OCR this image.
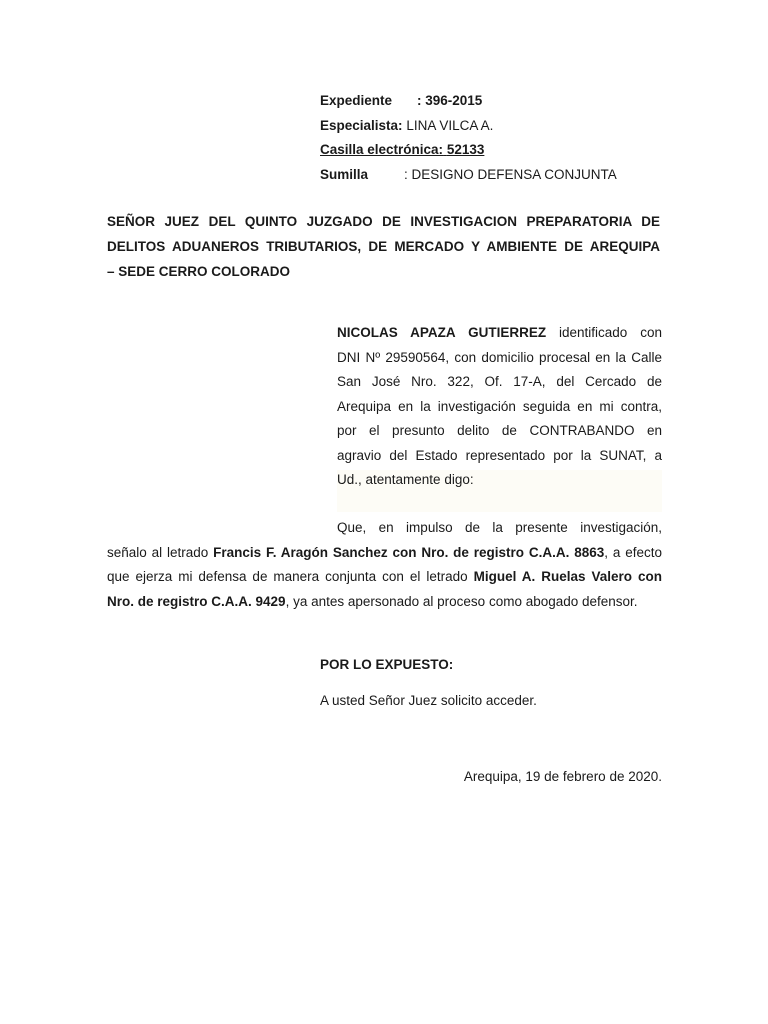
Expediente : 396-2015
Especialista: LINA VILCA A.
Casilla electrónica: 52133
Sumilla	: DESIGNO DEFENSA CONJUNTA
SEÑOR JUEZ DEL QUINTO JUZGADO DE INVESTIGACION PREPARATORIA DE
DELITOS ADUANEROS TRIBUTARIOS, DE MERCADO Y AMBIENTE DE AREQUIPA
– SEDE CERRO COLORADO
NICOLAS APAZA GUTIERREZ identificado con
DNI Nº 29590564, con domicilio procesal en la Calle
San José Nro. 322, Of. 17-A, del Cercado de
Arequipa en la investigación seguida en mi contra,
por el presunto delito de CONTRABANDO en
agravio del Estado representado por la SUNAT, a
Ud., atentamente digo:
Que, en impulso de la presente investigación,
señalo al letrado Francis F. Aragón Sanchez con Nro. de registro C.A.A. 8863, a efecto
que ejerza mi defensa de manera conjunta con el letrado Miguel A. Ruelas Valero con
Nro. de registro C.A.A. 9429, ya antes apersonado al proceso como abogado defensor.
POR LO EXPUESTO:
A usted Señor Juez solicito acceder.
Arequipa, 19 de febrero de 2020.
